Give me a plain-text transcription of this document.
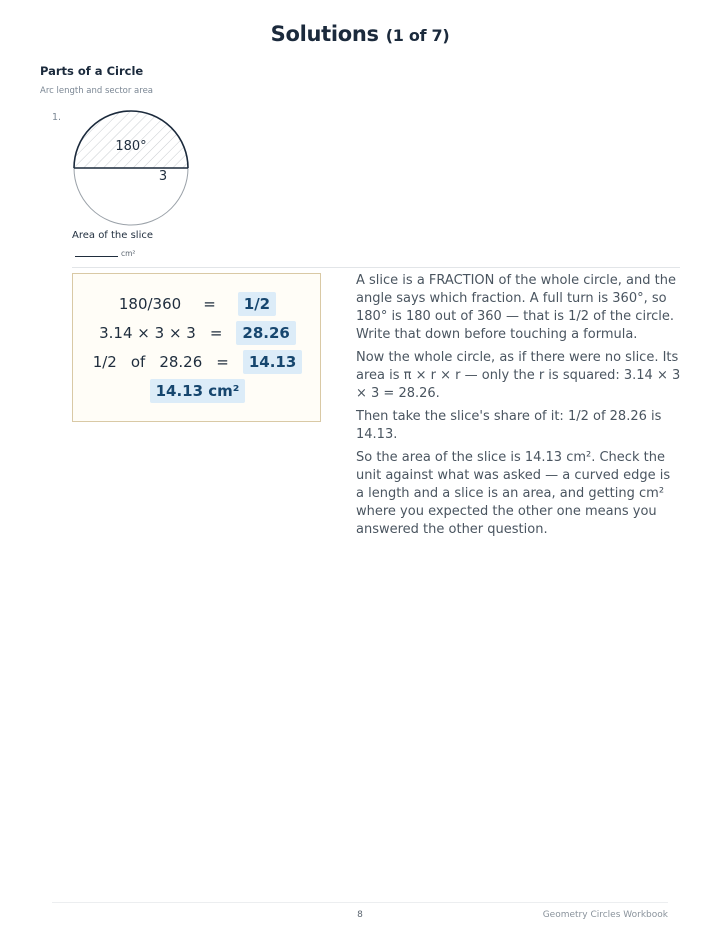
Solutions (1 of 7)
Parts of a Circle
Arc length and sector area
1.
180°
3
Area of the slice
cm²
180/360 =	1/2
3.14 × 3 × 3 =	28.26
1/2 of 28.26 =	14.13
14.13 cm²

A slice is a FRACTION of the whole circle, and the angle says which fraction. A full turn is 360°, so 180° is 180 out of 360 — that is 1/2 of the circle. Write that down before touching a formula.

Now the whole circle, as if there were no slice. Its area is π × r × r — only the r is squared: 3.14 × 3 × 3 = 28.26.

Then take the slice's share of it: 1/2 of 28.26 is 14.13.

So the area of the slice is 14.13 cm². Check the unit against what was asked — a curved edge is a length and a slice is an area, and getting cm² where you expected the other one means you answered the other question.

8	Geometry Circles Workbook
